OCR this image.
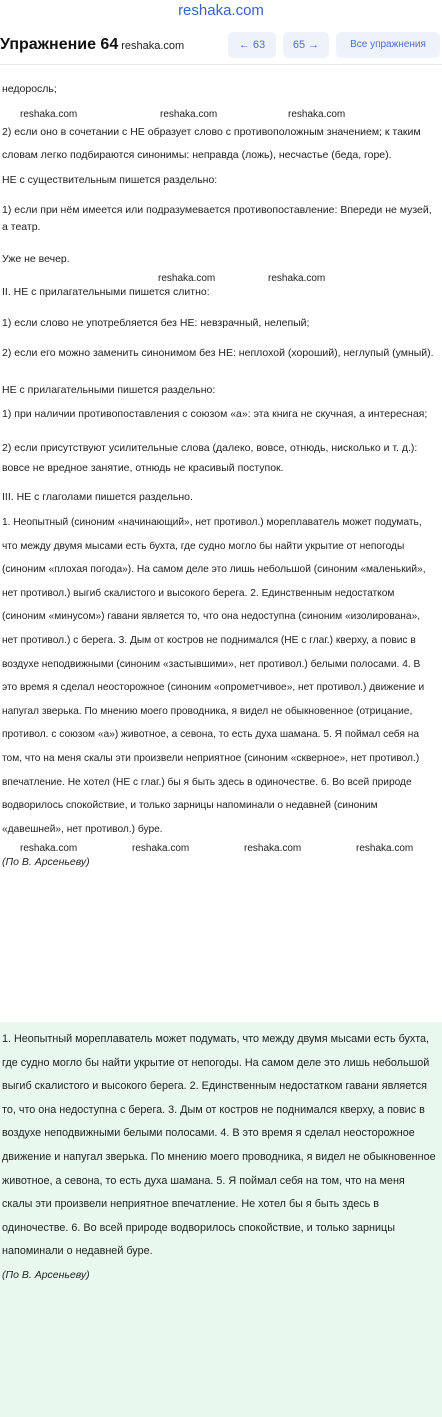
reshaka.com
Упражнение 64 reshaka.com	← 63	65 →	Все упражнения
недоросль;
reshaka.com	reshaka.com	reshaka.com
2) если оно в сочетании с НЕ образует слово с противоположным значением; к таким словам легко подбираются синонимы: неправда (ложь), несчастье (беда, горе).
НЕ с существительным пишется раздельно:
1) если при нём имеется или подразумевается противопоставление: Впереди не музей, а театр.
Уже не вечер.
reshaka.com	reshaka.com
II. НЕ с прилагательными пишется слитно:
1) если слово не употребляется без НЕ: невзрачный, нелепый;
2) если его можно заменить синонимом без НЕ: неплохой (хороший), неглупый (умный).
НЕ с прилагательными пишется раздельно:
1) при наличии противопоставления с союзом «а»: эта книга не скучная, а интересная;
2) если присутствуют усилительные слова (далеко, вовсе, отнюдь, нисколько и т. д.): вовсе не вредное занятие, отнюдь не красивый поступок.
III. НЕ с глаголами пишется раздельно.
1. Неопытный (синоним «начинающий», нет противол.) мореплаватель может подумать, что между двумя мысами есть бухта, где судно могло бы найти укрытие от непогоды (синоним «плохая погода»). На самом деле это лишь небольшой (синоним «маленький», нет противол.) выгиб скалистого и высокого берега. 2. Единственным недостатком (синоним «минусом») гавани является то, что она недоступна (синоним «изолирована», нет противол.) с берега. 3. Дым от костров не поднимался (НЕ с глаг.) кверху, а повис в воздухе неподвижными (синоним «застывшими», нет противол.) белыми полосами. 4. В это время я сделал неосторожное (синоним «опрометчивое», нет противол.) движение и напугал зверька. По мнению моего проводника, я видел не обыкновенное (отрицание, противол. с союзом «а») животное, а севона, то есть духа шамана. 5. Я поймал себя на том, что на меня скалы эти произвели неприятное (синоним «скверное», нет противол.) впечатление. Не хотел (НЕ с глаг.) бы я быть здесь в одиночестве. 6. Во всей природе водворилось спокойствие, и только зарницы напоминали о недавней (синоним «давешней», нет противол.) буре.
reshaka.com	reshaka.com	reshaka.com	reshaka.com
(По В. Арсеньеву)
1. Неопытный мореплаватель может подумать, что между двумя мысами есть бухта, где судно могло бы найти укрытие от непогоды. На самом деле это лишь небольшой выгиб скалистого и высокого берега. 2. Единственным недостатком гавани является то, что она недоступна с берега. 3. Дым от костров не поднимался кверху, а повис в воздухе неподвижными белыми полосами. 4. В это время я сделал неосторожное движение и напугал зверька. По мнению моего проводника, я видел не обыкновенное животное, а севона, то есть духа шамана. 5. Я поймал себя на том, что на меня скалы эти произвели неприятное впечатление. Не хотел бы я быть здесь в одиночестве. 6. Во всей природе водворилось спокойствие, и только зарницы напоминали о недавней буре.
(По В. Арсеньеву)
